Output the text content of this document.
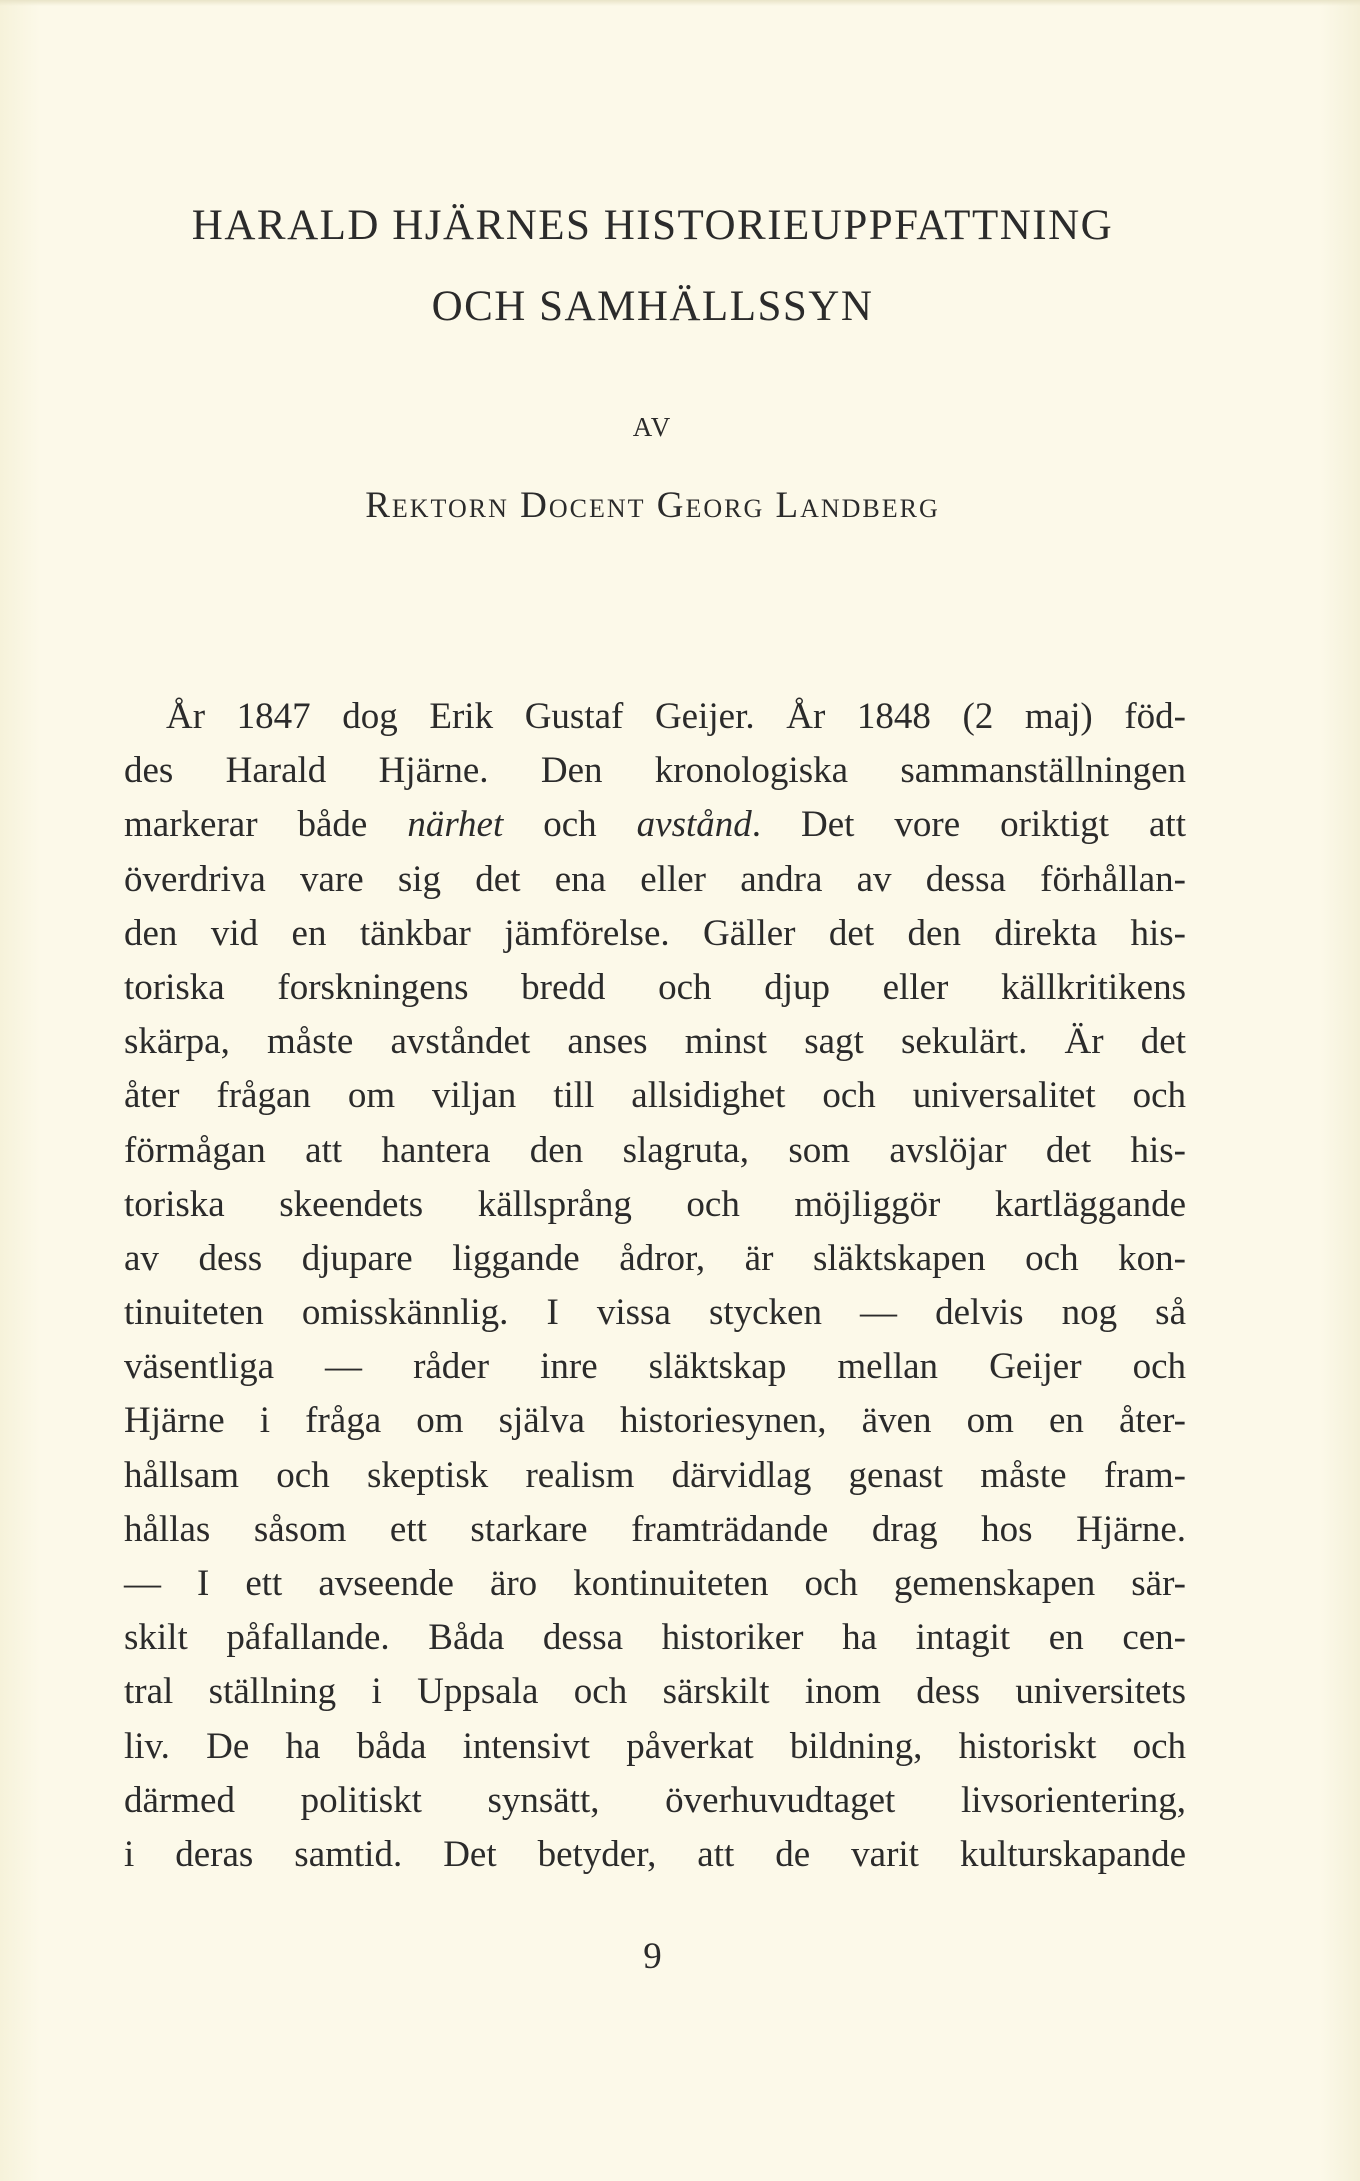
HARALD HJÄRNES HISTORIEUPPFATTNING
OCH SAMHÄLLSSYN
AV
Rektorn Docent Georg Landberg
År 1847 dog Erik Gustaf Geijer. År 1848 (2 maj) föd-
des Harald Hjärne. Den kronologiska sammanställningen
markerar både närhet och avstånd. Det vore oriktigt att
överdriva vare sig det ena eller andra av dessa förhållan-
den vid en tänkbar jämförelse. Gäller det den direkta his-
toriska forskningens bredd och djup eller källkritikens
skärpa, måste avståndet anses minst sagt sekulärt. Är det
åter frågan om viljan till allsidighet och universalitet och
förmågan att hantera den slagruta, som avslöjar det his-
toriska skeendets källsprång och möjliggör kartläggande
av dess djupare liggande ådror, är släktskapen och kon-
tinuiteten omisskännlig. I vissa stycken — delvis nog så
väsentliga — råder inre släktskap mellan Geijer och
Hjärne i fråga om själva historiesynen, även om en åter-
hållsam och skeptisk realism därvidlag genast måste fram-
hållas såsom ett starkare framträdande drag hos Hjärne.
— I ett avseende äro kontinuiteten och gemenskapen sär-
skilt påfallande. Båda dessa historiker ha intagit en cen-
tral ställning i Uppsala och särskilt inom dess universitets
liv. De ha båda intensivt påverkat bildning, historiskt och
därmed politiskt synsätt, överhuvudtaget livsorientering,
i deras samtid. Det betyder, att de varit kulturskapande
9
